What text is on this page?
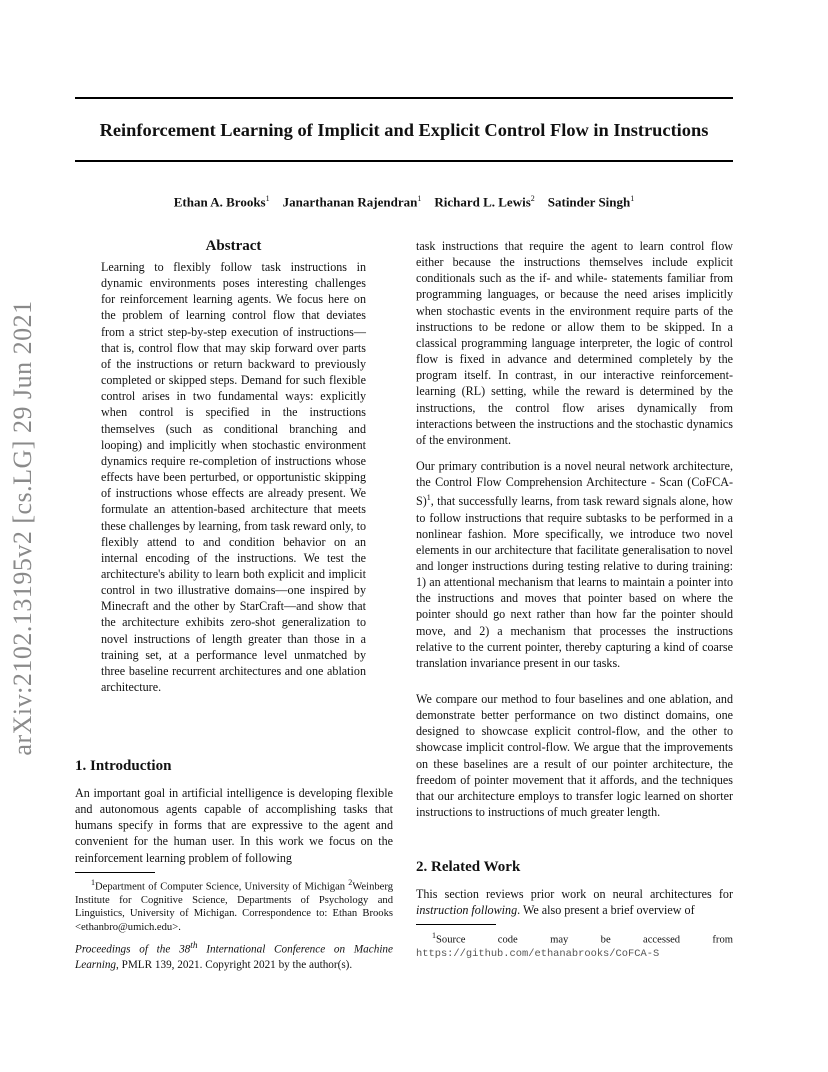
Reinforcement Learning of Implicit and Explicit Control Flow in Instructions
Ethan A. Brooks$^1$ Janarthanan Rajendran$^1$ Richard L. Lewis$^2$ Satinder Singh$^1$
arXiv:2102.13195v2 [cs.LG] 29 Jun 2021
Abstract
Learning to flexibly follow task instructions in dynamic environments poses interesting challenges for reinforcement learning agents. We focus here on the problem of learning control flow that deviates from a strict step-by-step execution of instructions—that is, control flow that may skip forward over parts of the instructions or return backward to previously completed or skipped steps. Demand for such flexible control arises in two fundamental ways: explicitly when control is specified in the instructions themselves (such as conditional branching and looping) and implicitly when stochastic environment dynamics require re-completion of instructions whose effects have been perturbed, or opportunistic skipping of instructions whose effects are already present. We formulate an attention-based architecture that meets these challenges by learning, from task reward only, to flexibly attend to and condition behavior on an internal encoding of the instructions. We test the architecture's ability to learn both explicit and implicit control in two illustrative domains—one inspired by Minecraft and the other by StarCraft—and show that the architecture exhibits zero-shot generalization to novel instructions of length greater than those in a training set, at a performance level unmatched by three baseline recurrent architectures and one ablation architecture.
1. Introduction

An important goal in artificial intelligence is developing flexible and autonomous agents capable of accomplishing tasks that humans specify in forms that are expressive to the agent and convenient for the human user. In this work we focus on the reinforcement learning problem of following

$^1$Department of Computer Science, University of Michigan $^2$Weinberg Institute for Cognitive Science, Departments of Psychology and Linguistics, University of Michigan. Correspondence to: Ethan Brooks <ethanbro@umich.edu>.
Proceedings of the 38th International Conference on Machine Learning, PMLR 139, 2021. Copyright 2021 by the author(s).

task instructions that require the agent to learn control flow either because the instructions themselves include explicit conditionals such as the if- and while- statements familiar from programming languages, or because the need arises implicitly when stochastic events in the environment require parts of the instructions to be redone or allow them to be skipped. In a classical programming language interpreter, the logic of control flow is fixed in advance and determined completely by the program itself. In contrast, in our interactive reinforcement-learning (RL) setting, while the reward is determined by the instructions, the control flow arises dynamically from interactions between the instructions and the stochastic dynamics of the environment.

Our primary contribution is a novel neural network architecture, the Control Flow Comprehension Architecture - Scan (CoFCA-S)$^1$, that successfully learns, from task reward signals alone, how to follow instructions that require subtasks to be performed in a nonlinear fashion. More specifically, we introduce two novel elements in our architecture that facilitate generalisation to novel and longer instructions during testing relative to during training: 1) an attentional mechanism that learns to maintain a pointer into the instructions and moves that pointer based on where the pointer should go next rather than how far the pointer should move, and 2) a mechanism that processes the instructions relative to the current pointer, thereby capturing a kind of coarse translation invariance present in our tasks.

We compare our method to four baselines and one ablation, and demonstrate better performance on two distinct domains, one designed to showcase explicit control-flow, and the other to showcase implicit control-flow. We argue that the improvements on these baselines are a result of our pointer architecture, the freedom of pointer movement that it affords, and the techniques that our architecture employs to transfer logic learned on shorter instructions to instructions of much greater length.

2. Related Work

This section reviews prior work on neural architectures for instruction following. We also present a brief overview of

$^1$Source code may be accessed from https://github.com/ethanabrooks/CoFCA-S
